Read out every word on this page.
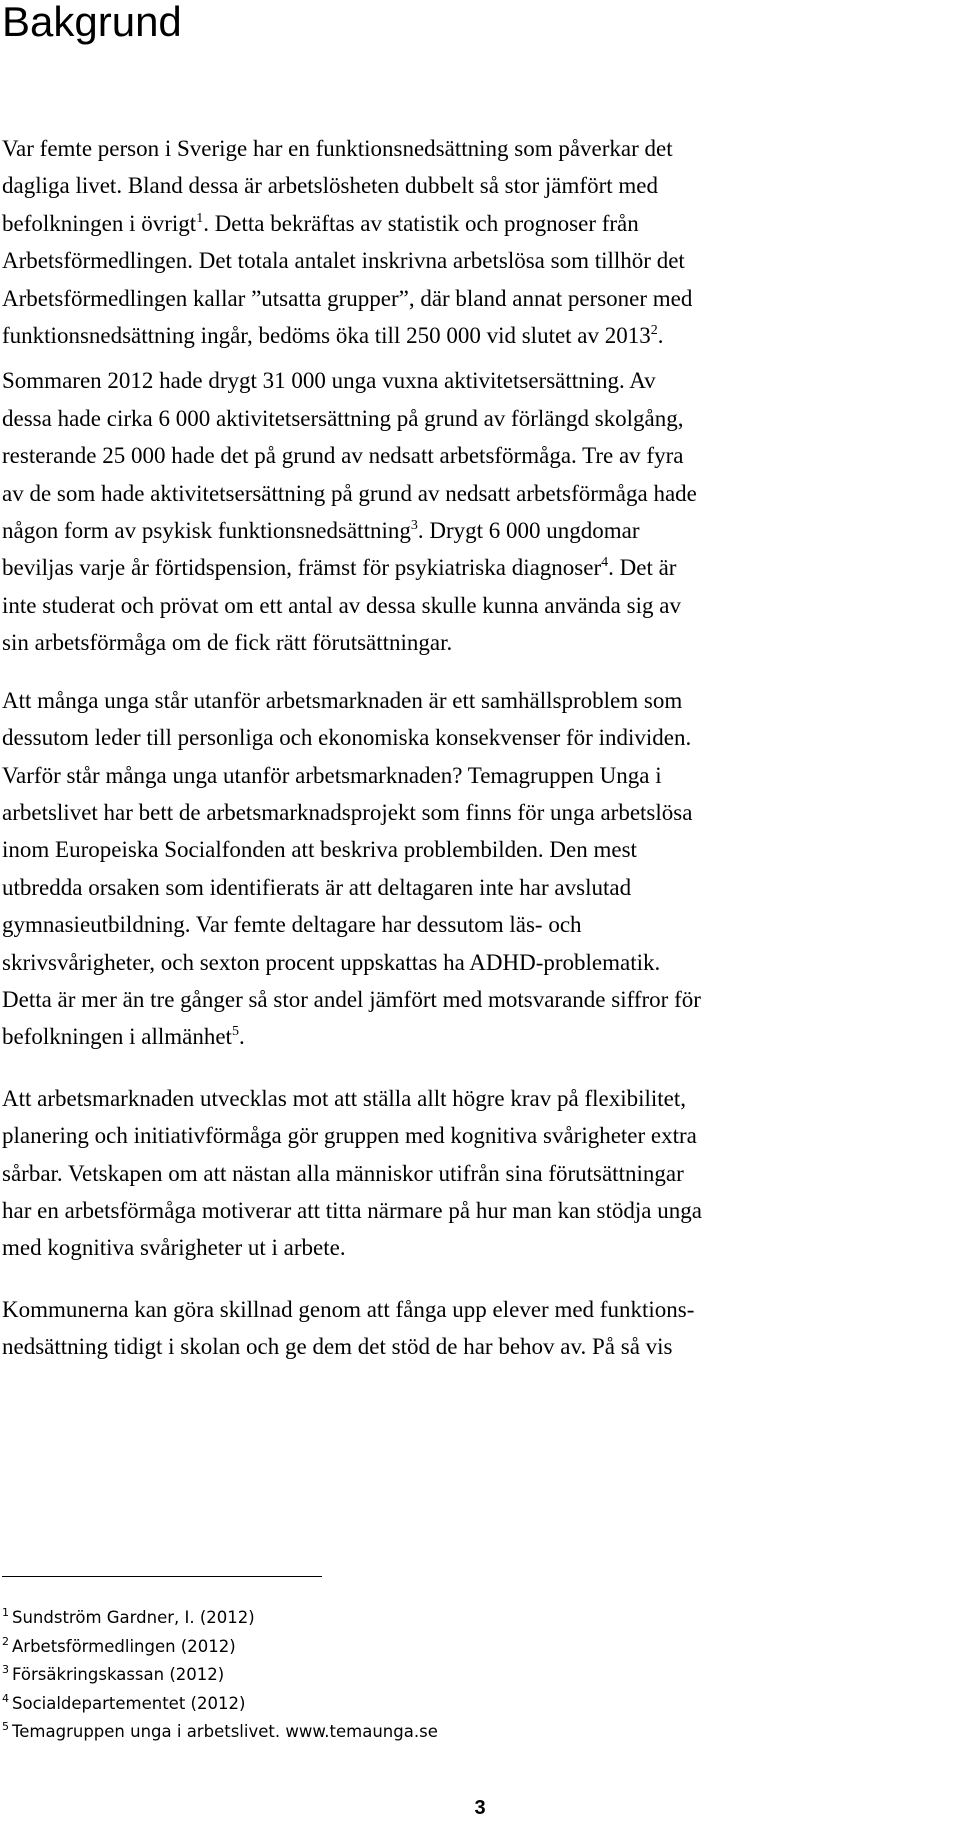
Bakgrund

Var femte person i Sverige har en funktionsnedsättning som påverkar det
dagliga livet. Bland dessa är arbetslösheten dubbelt så stor jämfört med
befolkningen i övrigt$^1$. Detta bekräftas av statistik och prognoser från
Arbetsförmedlingen. Det totala antalet inskrivna arbetslösa som tillhör det
Arbetsförmedlingen kallar ”utsatta grupper”, där bland annat personer med
funktionsnedsättning ingår, bedöms öka till 250 000 vid slutet av 2013$^2$.

Sommaren 2012 hade drygt 31 000 unga vuxna aktivitetsersättning. Av
dessa hade cirka 6 000 aktivitetsersättning på grund av förlängd skolgång,
resterande 25 000 hade det på grund av nedsatt arbetsförmåga. Tre av fyra
av de som hade aktivitetsersättning på grund av nedsatt arbetsförmåga hade
någon form av psykisk funktionsnedsättning$^3$. Drygt 6 000 ungdomar
beviljas varje år förtidspension, främst för psykiatriska diagnoser$^4$. Det är
inte studerat och prövat om ett antal av dessa skulle kunna använda sig av
sin arbetsförmåga om de fick rätt förutsättningar.

Att många unga står utanför arbetsmarknaden är ett samhällsproblem som
dessutom leder till personliga och ekonomiska konsekvenser för individen.
Varför står många unga utanför arbetsmarknaden? Temagruppen Unga i
arbetslivet har bett de arbetsmarknadsprojekt som finns för unga arbetslösa
inom Europeiska Socialfonden att beskriva problembilden. Den mest
utbredda orsaken som identifierats är att deltagaren inte har avslutad
gymnasieutbildning. Var femte deltagare har dessutom läs- och
skrivsvårigheter, och sexton procent uppskattas ha ADHD-problematik.
Detta är mer än tre gånger så stor andel jämfört med motsvarande siffror för
befolkningen i allmänhet$^5$.

Att arbetsmarknaden utvecklas mot att ställa allt högre krav på flexibilitet,
planering och initiativförmåga gör gruppen med kognitiva svårigheter extra
sårbar. Vetskapen om att nästan alla människor utifrån sina förutsättningar
har en arbetsförmåga motiverar att titta närmare på hur man kan stödja unga
med kognitiva svårigheter ut i arbete.

Kommunerna kan göra skillnad genom att fånga upp elever med funktions-
nedsättning tidigt i skolan och ge dem det stöd de har behov av. På så vis

$^1$ Sundström Gardner, I. (2012)
$^2$ Arbetsförmedlingen (2012)
$^3$ Försäkringskassan (2012)
$^4$ Socialdepartementet (2012)
$^5$ Temagruppen unga i arbetslivet. www.temaunga.se
3
